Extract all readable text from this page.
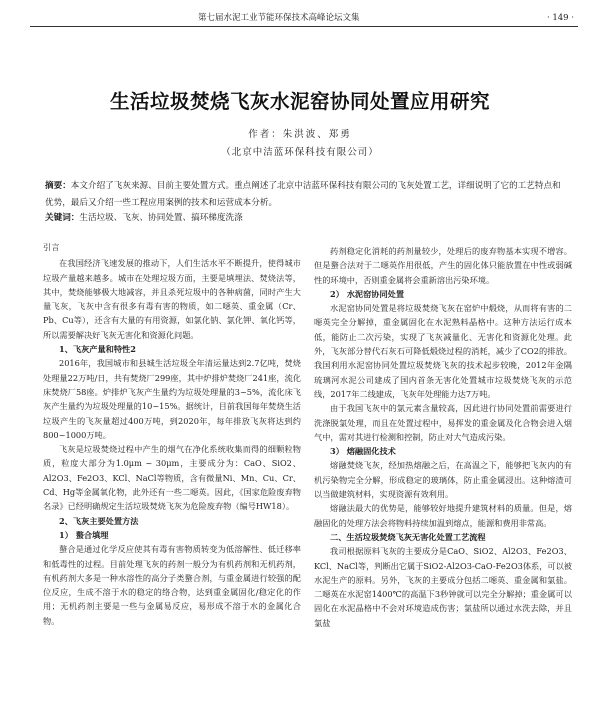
第七届水泥工业节能环保技术高峰论坛文集	· 149 ·
生活垃圾焚烧飞灰水泥窑协同处置应用研究
作者：朱洪波、郑勇
（北京中洁蓝环保科技有限公司）
摘要：本文介绍了飞灰来源、目前主要处置方式。重点阐述了北京中洁蓝环保科技有限公司的飞灰处置工艺，详细说明了它的工艺特点和优势，最后又介绍一些工程应用案例的技术和运营成本分析。
关键词：生活垃圾、飞灰、协同处置、搞环梯度洗涤

引言

在我国经济飞速发展的推动下，人们生活水平不断提升，使得城市垃圾产量越来越多。城市在处理垃圾方面，主要是填埋法、焚烧法等，其中，焚烧能够极大地减容，并且杀死垃圾中的各种病菌，同时产生大量飞灰，飞灰中含有很多有毒有害的物质，如二噁英、重金属（Cr、Pb、Cu等），还含有大量的有用资源，如氯化钠、氯化钾、氧化钙等，所以需要解决好飞灰无害化和资源化问题。

1、飞灰产量和特性2

2016年，我国城市和县城生活垃圾全年清运量达到2.7亿吨，焚烧处理量22万吨/日，共有焚烧厂299座，其中炉排炉焚烧厂241座，流化床焚烧厂58座。炉排炉飞灰产生量约为垃圾处理量的3~5%，流化床飞灰产生量约为垃圾处理量的10~15%。据统计，目前我国每年焚烧生活垃圾产生的飞灰量超过400万吨，到2020年，每年排放飞灰将达到约800~1000万吨。

飞灰是垃圾焚烧过程中产生的烟气在净化系统收集而得的细颗粒物质，粒度大部分为1.0μm ~ 30μm，主要成分为：CaO、SiO2、Al2O3、Fe2O3、KCl、NaCl等物质，含有微量Ni、Mn、Cu、Cr、Cd、Hg等金属氧化物，此外还有一些二噁英。因此，《国家危险废弃物名录》已经明确规定生活垃圾焚烧飞灰为危险废弃物（编号HW18）。

2、飞灰主要处置方法

1） 螯合填埋

螯合是通过化学反应使其有毒有害物质转变为低溶解性、低迁移率和低毒性的过程。目前处理飞灰的药剂一般分为有机药剂和无机药剂，有机药剂大多是一种水溶性的高分子类螯合剂，与重金属进行较强的配位反应，生成不溶于水的稳定的络合物，达到重金属固化/稳定化的作用；无机药剂主要是一些与金属易反应，易形成不溶于水的金属化合物。

药剂稳定化消耗的药剂量较少，处理后的废弃物基本实现不增容。但是螯合法对于二噁英作用很低，产生的固化体只能放置在中性或弱碱性的环境中，否则重金属将会重新溶出污染环境。

2） 水泥窑协同处置

水泥窑协同处置是将垃圾焚烧飞灰在窑炉中煅烧，从而将有害的二噁英完全分解掉，重金属固化在水泥熟料晶格中。这种方法运行成本低，能防止二次污染，实现了飞灰减量化、无害化和资源化处理。此外，飞灰部分替代石灰石可降低煅烧过程的消耗，减少了CO2的排放。我国利用水泥窑协同处置垃圾焚烧飞灰的技术起步较晚，2012年金隅琉璃河水泥公司建成了国内首条无害化处置城市垃圾焚烧飞灰的示范线，2017年二线建成，飞灰年处理能力达7万吨。

由于我国飞灰中的氯元素含量较高，因此进行协同处置前需要进行洗涤脱氯处理，而且在处置过程中，易挥发的重金属及化合物会进入烟气中，需对其进行检测和控制，防止对大气造成污染。

3） 熔融固化技术

熔融焚烧飞灰，经加热熔融之后，在高温之下，能够把飞灰内的有机污染物完全分解，形成稳定的玻璃体，防止重金属浸出。这种熔渣可以当做建筑材料，实现资源有效利用。

熔融法最大的优势是，能够较好地提升建筑材料的质量。但是，熔融固化的处理方法会将物料持续加温到熔点，能源和费用非常高。

二、生活垃圾焚烧飞灰无害化处置工艺流程

我司根据原料飞灰的主要成分是CaO、SiO2、Al2O3、Fe2O3、KCl、NaCl等，判断出它属于SiO2-Al2O3-CaO-Fe2O3体系，可以被水泥生产的原料。另外，飞灰的主要成分包括二噁英、重金属和氯盐。二噁英在水泥窑1400℃的高温下3秒钟就可以完全分解掉；重金属可以固化在水泥晶格中不会对环境造成伤害；氯盐所以通过水洗去除，并且氯盐
